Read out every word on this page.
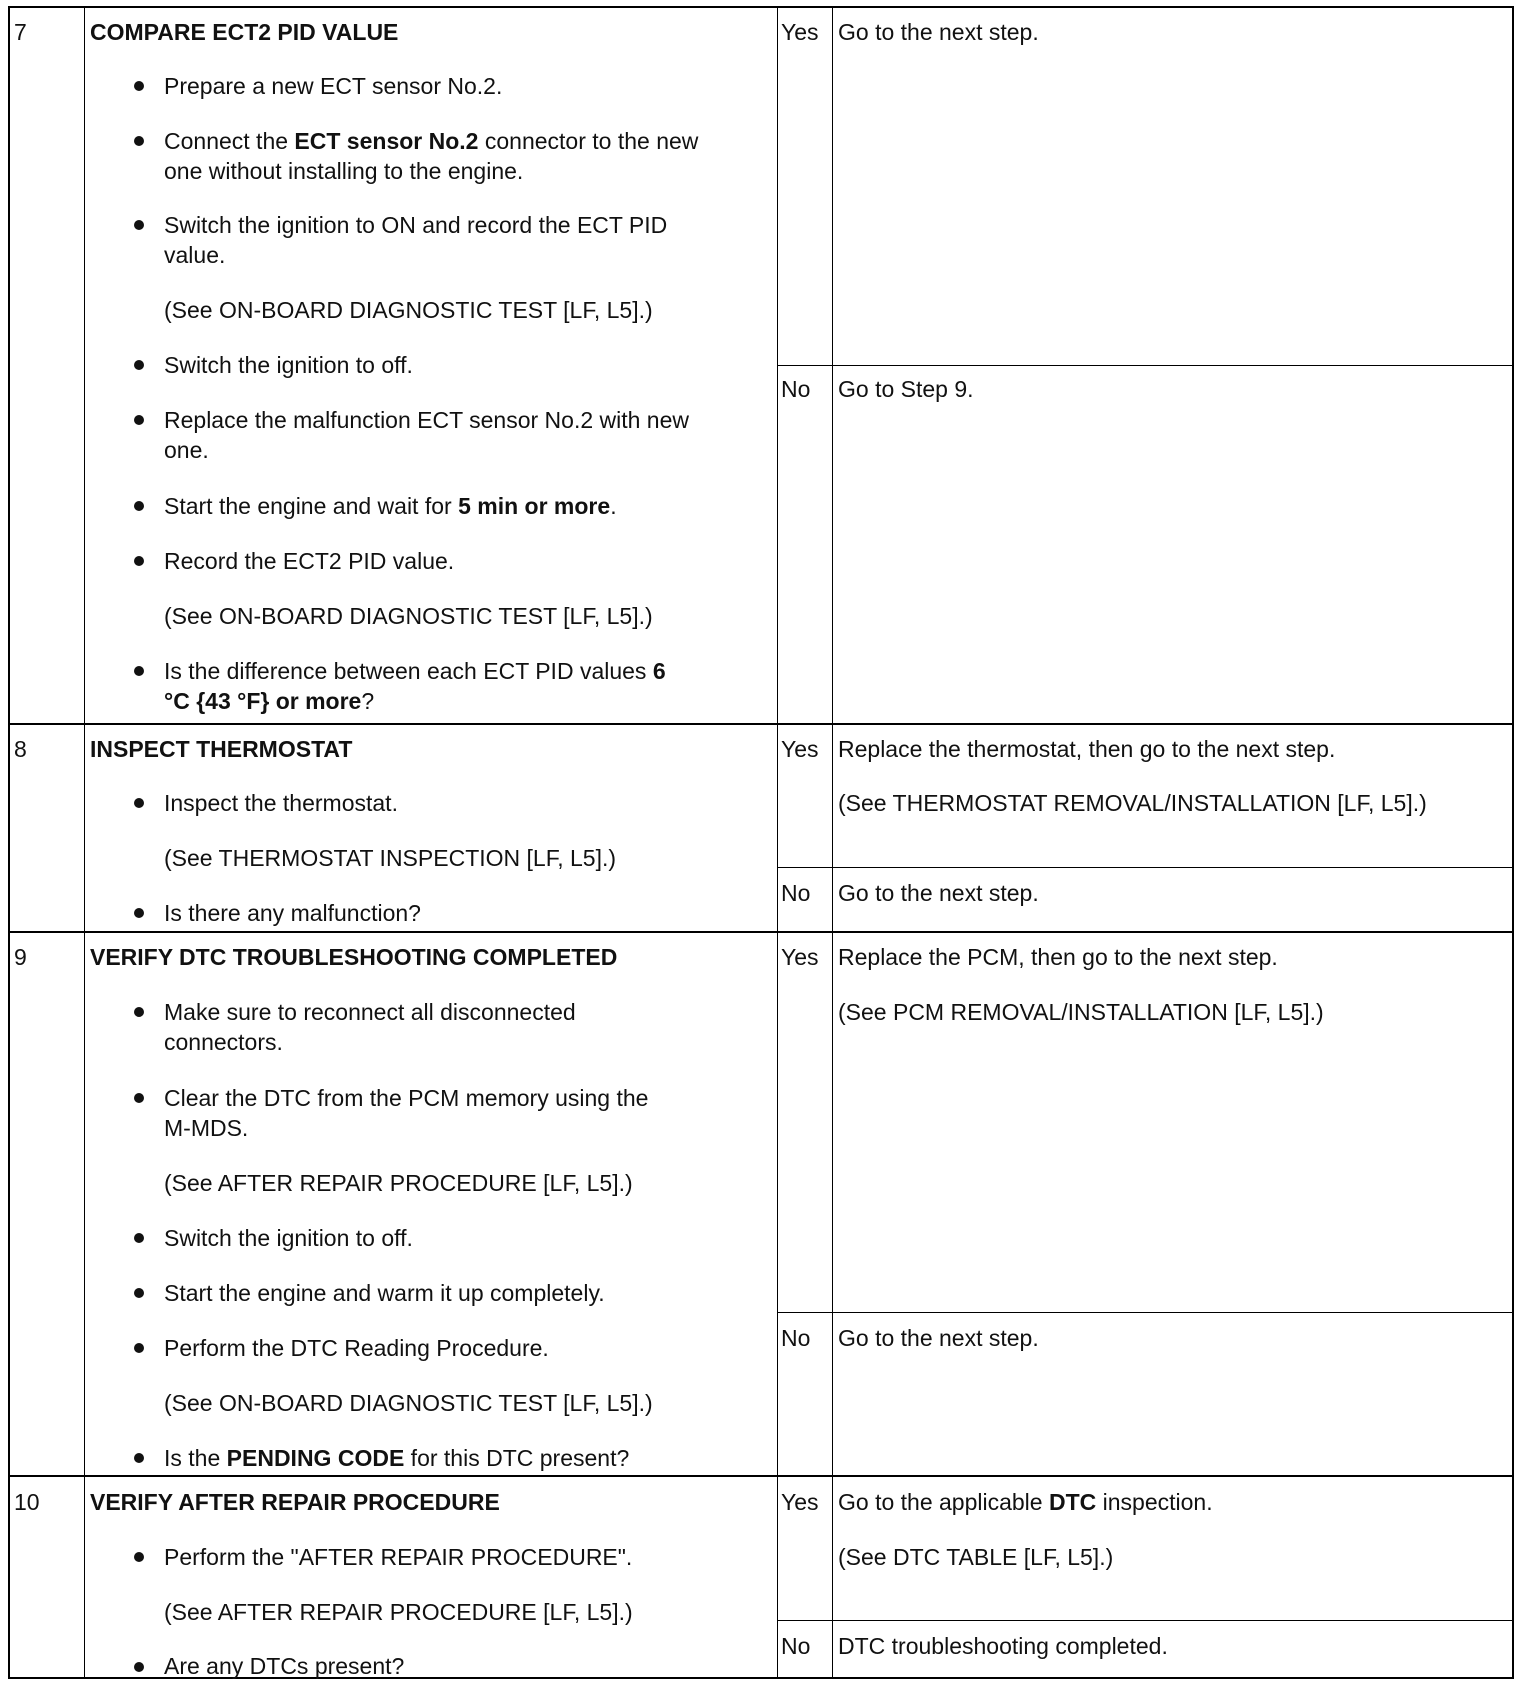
7	COMPARE ECT2 PID VALUE
Prepare a new ECT sensor No.2.
Connect the ECT sensor No.2 connector to the new
one without installing to the engine.
Switch the ignition to ON and record the ECT PID
value.
(See ON-BOARD DIAGNOSTIC TEST [LF, L5].)
Switch the ignition to off.
Replace the malfunction ECT sensor No.2 with new
one.
Start the engine and wait for 5 min or more.
Record the ECT2 PID value.
(See ON-BOARD DIAGNOSTIC TEST [LF, L5].)
Is the difference between each ECT PID values 6
°C {43 °F} or more?
Yes Go to the next step.
No Go to Step 9.
8	INSPECT THERMOSTAT
Inspect the thermostat.
(See THERMOSTAT INSPECTION [LF, L5].)
Is there any malfunction?
Yes Replace the thermostat, then go to the next step.
(See THERMOSTAT REMOVAL/INSTALLATION [LF, L5].)
No Go to the next step.
9	VERIFY DTC TROUBLESHOOTING COMPLETED
Make sure to reconnect all disconnected
connectors.
Clear the DTC from the PCM memory using the
M-MDS.
(See AFTER REPAIR PROCEDURE [LF, L5].)
Switch the ignition to off.
Start the engine and warm it up completely.
Perform the DTC Reading Procedure.
(See ON-BOARD DIAGNOSTIC TEST [LF, L5].)
Is the PENDING CODE for this DTC present?
Yes Replace the PCM, then go to the next step.
(See PCM REMOVAL/INSTALLATION [LF, L5].)
No Go to the next step.
10 VERIFY AFTER REPAIR PROCEDURE
Perform the "AFTER REPAIR PROCEDURE".
(See AFTER REPAIR PROCEDURE [LF, L5].)
Are any DTCs present?
Yes Go to the applicable DTC inspection.
(See DTC TABLE [LF, L5].)
No DTC troubleshooting completed.
